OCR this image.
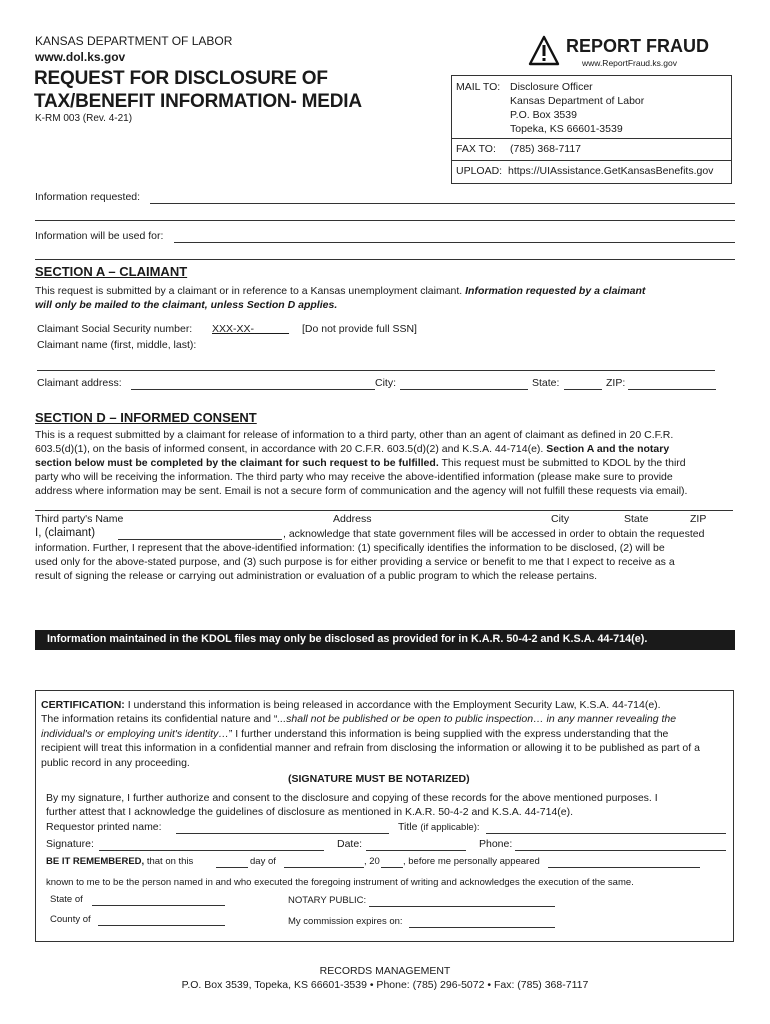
KANSAS DEPARTMENT OF LABOR
www.dol.ks.gov
REQUEST FOR DISCLOSURE OF
TAX/BENEFIT INFORMATION- MEDIA
K-RM 003 (Rev. 4-21)
REPORT FRAUD
www.ReportFraud.ks.gov
MAIL TO: Disclosure Officer
Kansas Department of Labor
P.O. Box 3539
Topeka, KS 66601-3539
FAX TO: (785) 368-7117
UPLOAD: https://UIAssistance.GetKansasBenefits.gov
Information requested:
Information will be used for:
SECTION A – CLAIMANT
This request is submitted by a claimant or in reference to a Kansas unemployment claimant. Information requested by a claimant
will only be mailed to the claimant, unless Section D applies.
Claimant Social Security number: XXX-XX-	[Do not provide full SSN]
Claimant name (first, middle, last):
Claimant address:	City:	State:	ZIP:
SECTION D – INFORMED CONSENT
This is a request submitted by a claimant for release of information to a third party, other than an agent of claimant as defined in 20 C.F.R.
603.5(d)(1), on the basis of informed consent, in accordance with 20 C.F.R. 603.5(d)(2) and K.S.A. 44-714(e). Section A and the notary
section below must be completed by the claimant for such request to be fulfilled. This request must be submitted to KDOL by the third
party who will be receiving the information. The third party who may receive the above-identified information (please make sure to provide
address where information may be sent. Email is not a secure form of communication and the agency will not fulfill these requests via email).
Third party's Name	Address	City	State	ZIP
I, (claimant)	, acknowledge that state government files will be accessed in order to obtain the requested
information. Further, I represent that the above-identified information: (1) specifically identifies the information to be disclosed, (2) will be
used only for the above-stated purpose, and (3) such purpose is for either providing a service or benefit to me that I expect to receive as a
result of signing the release or carrying out administration or evaluation of a public program to which the release pertains.
Information maintained in the KDOL files may only be disclosed as provided for in K.A.R. 50-4-2 and K.S.A. 44-714(e).
CERTIFICATION: I understand this information is being released in accordance with the Employment Security Law, K.S.A. 44-714(e).
The information retains its confidential nature and “...shall not be published or be open to public inspection… in any manner revealing the
individual's or employing unit's identity…” I further understand this information is being supplied with the express understanding that the
recipient will treat this information in a confidential manner and refrain from disclosing the information or allowing it to be published as part of a
public record in any proceeding.
(SIGNATURE MUST BE NOTARIZED)
By my signature, I further authorize and consent to the disclosure and copying of these records for the above mentioned purposes. I
further attest that I acknowledge the guidelines of disclosure as mentioned in K.A.R. 50-4-2 and K.S.A. 44-714(e).
Requestor printed name:	Title (if applicable):
Signature:	Date:	Phone:
BE IT REMEMBERED, that on this	day of	, 20 , before me personally appeared
known to me to be the person named in and who executed the foregoing instrument of writing and acknowledges the execution of the same.
State of	NOTARY PUBLIC:
County of	My commission expires on:
RECORDS MANAGEMENT
P.O. Box 3539, Topeka, KS 66601-3539 • Phone: (785) 296-5072 • Fax: (785) 368-7117
